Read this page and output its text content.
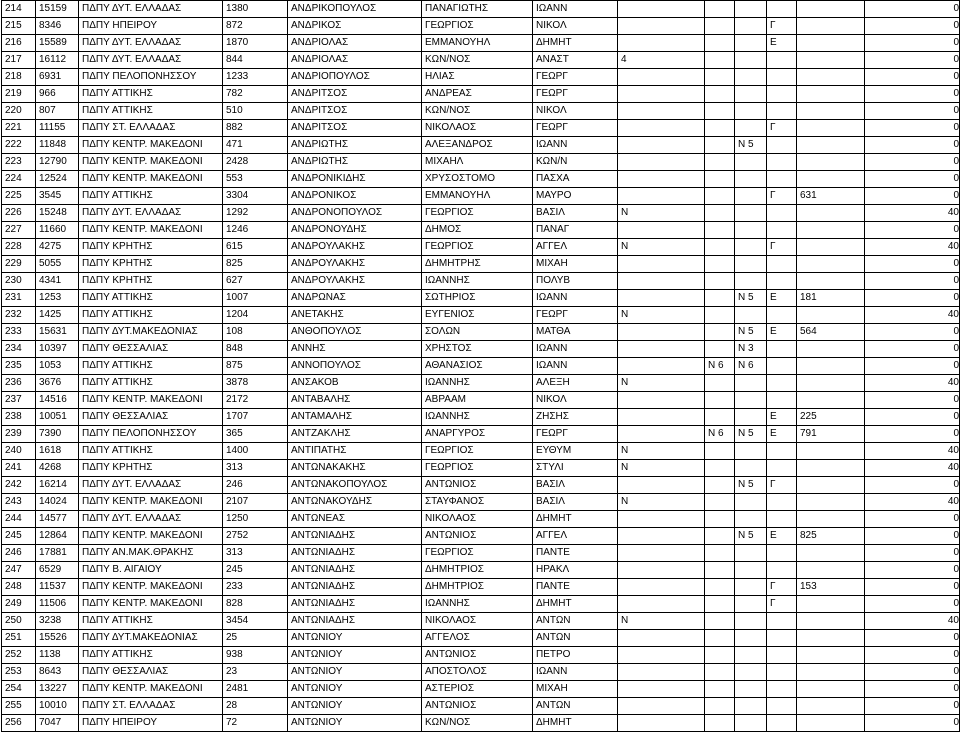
214	15159	ΠΔΠΥ ΔΥΤ. ΕΛΛΑΔΑΣ	1380	ΑΝΔΡΙΚΟΠΟΥΛΟΣ	ΠΑΝΑΓΙΩΤΗΣ	ΙΩΑΝΝ						0
215	8346	ΠΔΠΥ ΗΠΕΙΡΟΥ	872	ΑΝΔΡΙΚΟΣ	ΓΕΩΡΓΙΟΣ	ΝΙΚΟΛ				Γ		0
216	15589	ΠΔΠΥ ΔΥΤ. ΕΛΛΑΔΑΣ	1870	ΑΝΔΡΙΟΛΑΣ	ΕΜΜΑΝΟΥΗΛ	ΔΗΜΗΤ				Ε		0
217	16112	ΠΔΠΥ ΔΥΤ. ΕΛΛΑΔΑΣ	844	ΑΝΔΡΙΟΛΑΣ	ΚΩΝ/ΝΟΣ	ΑΝΑΣΤ	4					0
218	6931	ΠΔΠΥ ΠΕΛΟΠΟΝΗΣΣΟΥ	1233	ΑΝΔΡΙΟΠΟΥΛΟΣ	ΗΛΙΑΣ	ΓΕΩΡΓ						0
219	966	ΠΔΠΥ ΑΤΤΙΚΗΣ	782	ΑΝΔΡΙΤΣΟΣ	ΑΝΔΡΕΑΣ	ΓΕΩΡΓ						0
220	807	ΠΔΠΥ ΑΤΤΙΚΗΣ	510	ΑΝΔΡΙΤΣΟΣ	ΚΩΝ/ΝΟΣ	ΝΙΚΟΛ						0
221	11155	ΠΔΠΥ ΣΤ. ΕΛΛΑΔΑΣ	882	ΑΝΔΡΙΤΣΟΣ	ΝΙΚΟΛΑΟΣ	ΓΕΩΡΓ				Γ		0
222	11848	ΠΔΠΥ ΚΕΝΤΡ. ΜΑΚΕΔΟΝΙ	471	ΑΝΔΡΙΩΤΗΣ	ΑΛΕΞΑΝΔΡΟΣ	ΙΩΑΝΝ			Ν 5			0
223	12790	ΠΔΠΥ ΚΕΝΤΡ. ΜΑΚΕΔΟΝΙ	2428	ΑΝΔΡΙΩΤΗΣ	ΜΙΧΑΗΛ	ΚΩΝ/Ν						0
224	12524	ΠΔΠΥ ΚΕΝΤΡ. ΜΑΚΕΔΟΝΙ	553	ΑΝΔΡΟΝΙΚΙΔΗΣ	ΧΡΥΣΟΣΤΟΜΟ	ΠΑΣΧΑ						0
225	3545	ΠΔΠΥ ΑΤΤΙΚΗΣ	3304	ΑΝΔΡΟΝΙΚΟΣ	ΕΜΜΑΝΟΥΗΛ	ΜΑΥΡΟ				Γ	631	0
226	15248	ΠΔΠΥ ΔΥΤ. ΕΛΛΑΔΑΣ	1292	ΑΝΔΡΟΝΟΠΟΥΛΟΣ	ΓΕΩΡΓΙΟΣ	ΒΑΣΙΛ	Ν					40
227	11660	ΠΔΠΥ ΚΕΝΤΡ. ΜΑΚΕΔΟΝΙ	1246	ΑΝΔΡΟΝΟΥΔΗΣ	ΔΗΜΟΣ	ΠΑΝΑΓ						0
228	4275	ΠΔΠΥ ΚΡΗΤΗΣ	615	ΑΝΔΡΟΥΛΑΚΗΣ	ΓΕΩΡΓΙΟΣ	ΑΓΓΕΛ	Ν			Γ		40
229	5055	ΠΔΠΥ ΚΡΗΤΗΣ	825	ΑΝΔΡΟΥΛΑΚΗΣ	ΔΗΜΗΤΡΗΣ	ΜΙΧΑΗ						0
230	4341	ΠΔΠΥ ΚΡΗΤΗΣ	627	ΑΝΔΡΟΥΛΑΚΗΣ	ΙΩΑΝΝΗΣ	ΠΟΛΥΒ						0
231	1253	ΠΔΠΥ ΑΤΤΙΚΗΣ	1007	ΑΝΔΡΩΝΑΣ	ΣΩΤΗΡΙΟΣ	ΙΩΑΝΝ			Ν 5	Ε	181	0
232	1425	ΠΔΠΥ ΑΤΤΙΚΗΣ	1204	ΑΝΕΤΑΚΗΣ	ΕΥΓΕΝΙΟΣ	ΓΕΩΡΓ	Ν					40
233	15631	ΠΔΠΥ ΔΥΤ.ΜΑΚΕΔΟΝΙΑΣ	108	ΑΝΘΟΠΟΥΛΟΣ	ΣΟΛΩΝ	ΜΑΤΘΑ			Ν 5	Ε	564	0
234	10397	ΠΔΠΥ ΘΕΣΣΑΛΙΑΣ	848	ΑΝΝΗΣ	ΧΡΗΣΤΟΣ	ΙΩΑΝΝ			Ν 3			0
235	1053	ΠΔΠΥ ΑΤΤΙΚΗΣ	875	ΑΝΝΟΠΟΥΛΟΣ	ΑΘΑΝΑΣΙΟΣ	ΙΩΑΝΝ		Ν 6	Ν 6			0
236	3676	ΠΔΠΥ ΑΤΤΙΚΗΣ	3878	ΑΝΣΑΚΟΒ	ΙΩΑΝΝΗΣ	ΑΛΕΞΗ	Ν					40
237	14516	ΠΔΠΥ ΚΕΝΤΡ. ΜΑΚΕΔΟΝΙ	2172	ΑΝΤΑΒΑΛΗΣ	ΑΒΡΑΑΜ	ΝΙΚΟΛ						0
238	10051	ΠΔΠΥ ΘΕΣΣΑΛΙΑΣ	1707	ΑΝΤΑΜΑΛΗΣ	ΙΩΑΝΝΗΣ	ΖΗΣΗΣ				Ε	225	0
239	7390	ΠΔΠΥ ΠΕΛΟΠΟΝΗΣΣΟΥ	365	ΑΝΤΖΑΚΛΗΣ	ΑΝΑΡΓΥΡΟΣ	ΓΕΩΡΓ		Ν 6	Ν 5	Ε	791	0
240	1618	ΠΔΠΥ ΑΤΤΙΚΗΣ	1400	ΑΝΤΙΠΑΤΗΣ	ΓΕΩΡΓΙΟΣ	ΕΥΘΥΜ	Ν					40
241	4268	ΠΔΠΥ ΚΡΗΤΗΣ	313	ΑΝΤΩΝΑΚΑΚΗΣ	ΓΕΩΡΓΙΟΣ	ΣΤΥΛΙ	Ν					40
242	16214	ΠΔΠΥ ΔΥΤ. ΕΛΛΑΔΑΣ	246	ΑΝΤΩΝΑΚΟΠΟΥΛΟΣ	ΑΝΤΩΝΙΟΣ	ΒΑΣΙΛ			Ν 5	Γ		0
243	14024	ΠΔΠΥ ΚΕΝΤΡ. ΜΑΚΕΔΟΝΙ	2107	ΑΝΤΩΝΑΚΟΥΔΗΣ	ΣΤΑΥΦΑΝΟΣ	ΒΑΣΙΛ	Ν					40
244	14577	ΠΔΠΥ ΔΥΤ. ΕΛΛΑΔΑΣ	1250	ΑΝΤΩΝΕΑΣ	ΝΙΚΟΛΑΟΣ	ΔΗΜΗΤ						0
245	12864	ΠΔΠΥ ΚΕΝΤΡ. ΜΑΚΕΔΟΝΙ	2752	ΑΝΤΩΝΙΑΔΗΣ	ΑΝΤΩΝΙΟΣ	ΑΓΓΕΛ			Ν 5	Ε	825	0
246	17881	ΠΔΠΥ ΑΝ.ΜΑΚ.ΘΡΑΚΗΣ	313	ΑΝΤΩΝΙΑΔΗΣ	ΓΕΩΡΓΙΟΣ	ΠΑΝΤΕ						0
247	6529	ΠΔΠΥ Β. ΑΙΓΑΙΟΥ	245	ΑΝΤΩΝΙΑΔΗΣ	ΔΗΜΗΤΡΙΟΣ	ΗΡΑΚΛ						0
248	11537	ΠΔΠΥ ΚΕΝΤΡ. ΜΑΚΕΔΟΝΙ	233	ΑΝΤΩΝΙΑΔΗΣ	ΔΗΜΗΤΡΙΟΣ	ΠΑΝΤΕ				Γ	153	0
249	11506	ΠΔΠΥ ΚΕΝΤΡ. ΜΑΚΕΔΟΝΙ	828	ΑΝΤΩΝΙΑΔΗΣ	ΙΩΑΝΝΗΣ	ΔΗΜΗΤ				Γ		0
250	3238	ΠΔΠΥ ΑΤΤΙΚΗΣ	3454	ΑΝΤΩΝΙΑΔΗΣ	ΝΙΚΟΛΑΟΣ	ΑΝΤΩΝ	Ν					40
251	15526	ΠΔΠΥ ΔΥΤ.ΜΑΚΕΔΟΝΙΑΣ	25	ΑΝΤΩΝΙΟΥ	ΑΓΓΕΛΟΣ	ΑΝΤΩΝ						0
252	1138	ΠΔΠΥ ΑΤΤΙΚΗΣ	938	ΑΝΤΩΝΙΟΥ	ΑΝΤΩΝΙΟΣ	ΠΕΤΡΟ						0
253	8643	ΠΔΠΥ ΘΕΣΣΑΛΙΑΣ	23	ΑΝΤΩΝΙΟΥ	ΑΠΟΣΤΟΛΟΣ	ΙΩΑΝΝ						0
254	13227	ΠΔΠΥ ΚΕΝΤΡ. ΜΑΚΕΔΟΝΙ	2481	ΑΝΤΩΝΙΟΥ	ΑΣΤΕΡΙΟΣ	ΜΙΧΑΗ						0
255	10010	ΠΔΠΥ ΣΤ. ΕΛΛΑΔΑΣ	28	ΑΝΤΩΝΙΟΥ	ΑΝΤΩΝΙΟΣ	ΑΝΤΩΝ						0
256	7047	ΠΔΠΥ ΗΠΕΙΡΟΥ	72	ΑΝΤΩΝΙΟΥ	ΚΩΝ/ΝΟΣ	ΔΗΜΗΤ						0
